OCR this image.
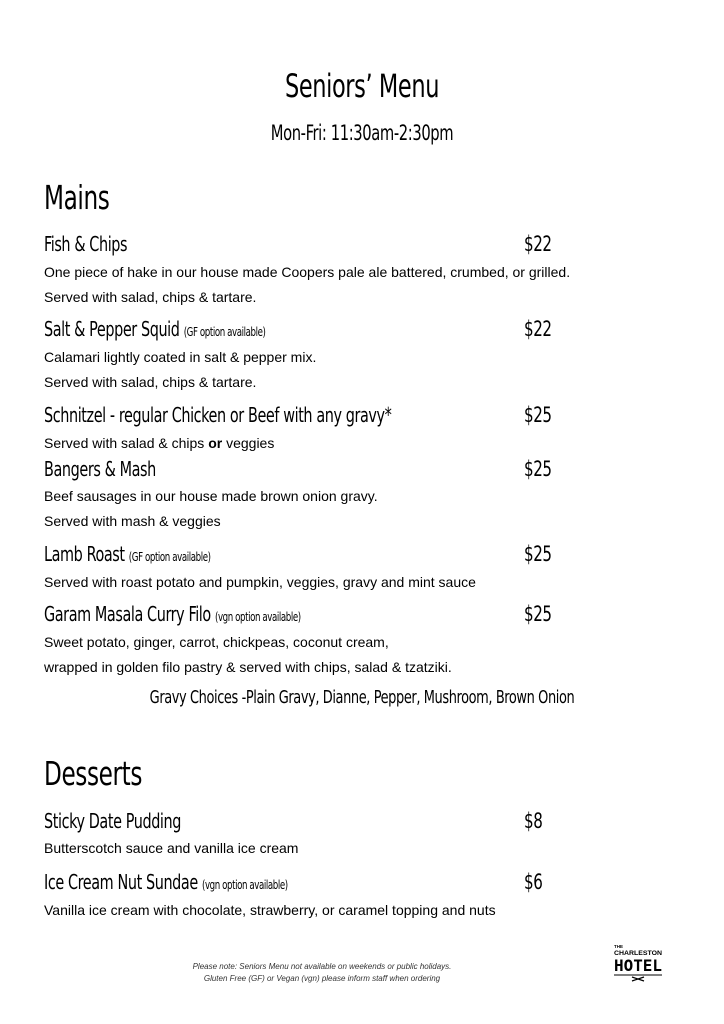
Seniors’ Menu
Mon-Fri: 11:30am-2:30pm
Mains
Fish & Chips	$22
One piece of hake in our house made Coopers pale ale battered, crumbed, or grilled.
Served with salad, chips & tartare.
Salt & Pepper Squid (GF option available)	$22
Calamari lightly coated in salt & pepper mix.
Served with salad, chips & tartare.
Schnitzel - regular Chicken or Beef with any gravy*	$25
Served with salad & chips or veggies
Bangers & Mash	$25
Beef sausages in our house made brown onion gravy.
Served with mash & veggies
Lamb Roast (GF option available)	$25
Served with roast potato and pumpkin, veggies, gravy and mint sauce
Garam Masala Curry Filo (vgn option available)	$25
Sweet potato, ginger, carrot, chickpeas, coconut cream,
wrapped in golden filo pastry & served with chips, salad & tzatziki.
Gravy Choices -Plain Gravy, Dianne, Pepper, Mushroom, Brown Onion
Desserts
Sticky Date Pudding	$8
Butterscotch sauce and vanilla ice cream
Ice Cream Nut Sundae (vgn option available)	$6
Vanilla ice cream with chocolate, strawberry, or caramel topping and nuts
Please note: Seniors Menu not available on weekends or public holidays.
Gluten Free (GF) or Vegan (vgn) please inform staff when ordering
THE
CHARLESTON
HOTEL
